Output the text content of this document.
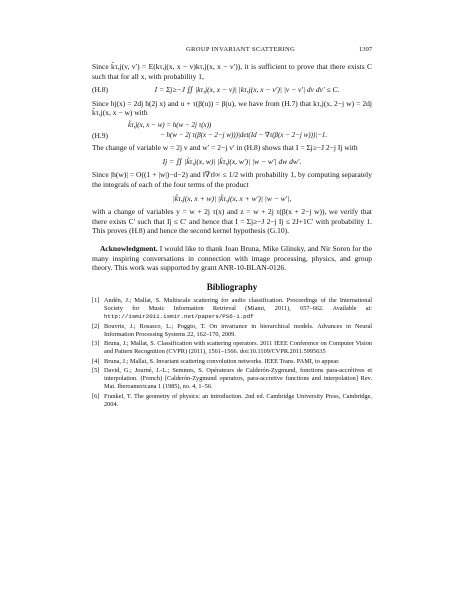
GROUP INVARIANT SCATTERING	1397

Since k̃τ,j(v, v′) = E(kτ,j(x, x − v)kτ,j(x, x − v′)), it is sufficient to prove that there exists C such that for all x, with probability 1,

(H.8)	I = Σj≥−J ∬ |kτ,j(x, x − v)| |kτ,j(x, x − v′)| |v − v′| dv dv′ ≤ C.

Since hj(x) = 2dj h(2j x) and u + τ(β(u)) = β(u), we have from (H.7) that kτ,j(x, 2−j w) = 2dj k̃τ,j(x, x − w) with

k̃τ,j(x, x − w) = h(w − 2j τ(x))
(H.9)	− h(w − 2j τ(β(x − 2−j w)))|det(Id − ∇τ(β(x − 2−j w)))|−1.

The change of variable w = 2j v and w′ = 2−j v′ in (H.8) shows that I = Σj≥−J 2−j Ij with

Ij = ∬ |k̃τ,j(x, w)| |k̃τ,j(x, w′)| |w − w′| dw dw′.

Since |h(w)| = O((1 + |w|)−d−2) and ‖∇τ‖∞ ≤ 1/2 with probability 1, by computing separately the integrals of each of the four terms of the product

|k̃τ,j(x, x + w)| |k̃τ,j(x, x + w′)| |w − w′|,

with a change of variables y = w + 2j τ(x) and z = w + 2j τ(β(x + 2−j w)), we verify that there exists C′ such that Ij ≤ C′ and hence that I = Σj≥−J 2−j Ij ≤ 2J+1C′ with probability 1. This proves (H.8) and hence the second kernel hypothesis (G.10).

Acknowledgment. I would like to thank Joan Bruna, Mike Glinsky, and Nir Soren for the many inspiring conversations in connection with image processing, physics, and group theory. This work was supported by grant ANR-10-BLAN-0126.

Bibliography
[1] Andén, J.; Mallat, S. Multiscale scattering for audio classification. Proceedings of the International Society for Music Information Retrieval (Miami, 2011), 657–662. Available at: http://ismir2011.ismir.net/papers/PS6-1.pdf
[2] Bouvrie, J.; Rosasco, L.; Poggio, T. On invariance in hierarchical models. Advances in Neural Information Processing Systems 22, 162–170, 2009.
[3] Bruna, J.; Mallat, S. Classification with scattering operators. 2011 IEEE Conference on Computer Vision and Pattern Recognition (CVPR) (2011), 1561–1566. doi:10.1109/CVPR.2011.5995635
[4] Bruna, J.; Mallat, S. Invariant scattering convolution networks. IEEE Trans. PAMI, to appear.
[5] David, G.; Journé, J.-L.; Semmes, S. Opérateurs de Calderón-Zygmund, fonctions para-accrétives et interpolation. (French) [Calderón-Zygmund operators, para-accretive functions and interpolation] Rev. Mat. Iberoamericana 1 (1985), no. 4, 1–56.
[6] Frankel, T. The geometry of physics: an introduction. 2nd ed. Cambridge University Press, Cambridge, 2004.
